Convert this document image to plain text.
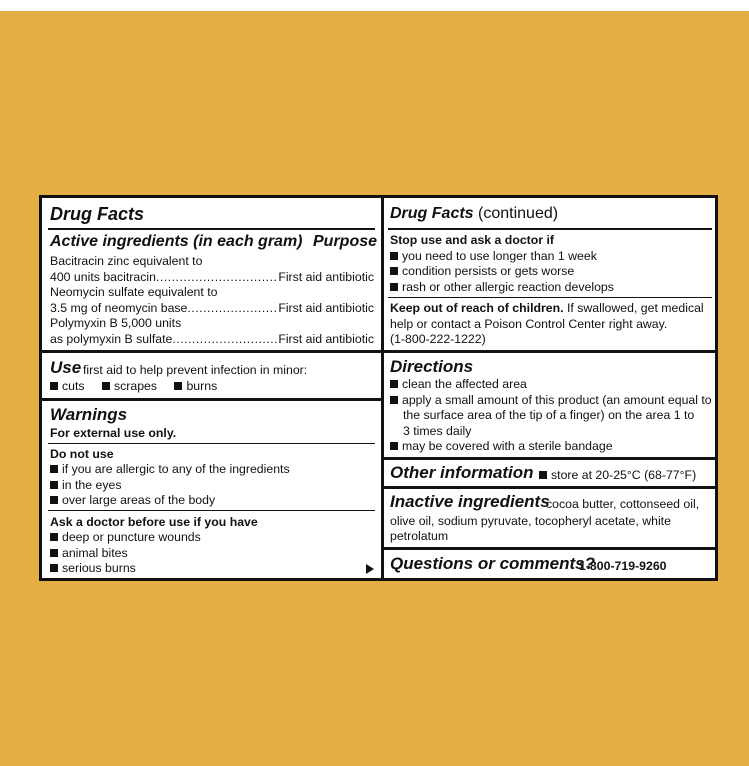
Drug Facts
Active ingredients (in each gram) Purpose
Bacitracin zinc equivalent to
400 units bacitracin .....	First aid antibiotic
Neomycin sulfate equivalent to
3.5 mg of neomycin base .....	First aid antibiotic
Polymyxin B 5,000 units
as polymyxin B sulfate .....	First aid antibiotic
Use first aid to help prevent infection in minor:
cuts scrapes burns
Warnings
For external use only.
Do not use
if you are allergic to any of the ingredients
in the eyes
over large areas of the body
Ask a doctor before use if you have
deep or puncture wounds
animal bites
serious burns
Drug Facts (continued)
Stop use and ask a doctor if
you need to use longer than 1 week
condition persists or gets worse
rash or other allergic reaction develops
Keep out of reach of children. If swallowed, get medical
help or contact a Poison Control Center right away.
(1-800-222-1222)
Directions
clean the affected area
apply a small amount of this product (an amount equal to
the surface area of the tip of a finger) on the area 1 to
3 times daily
may be covered with a sterile bandage
Other information	store at 20-25°C (68-77°F)
Inactive ingredients
cocoa butter, cottonseed oil,
olive oil, sodium pyruvate, tocopheryl acetate, white
petrolatum
Questions or comments?
1-800-719-9260
